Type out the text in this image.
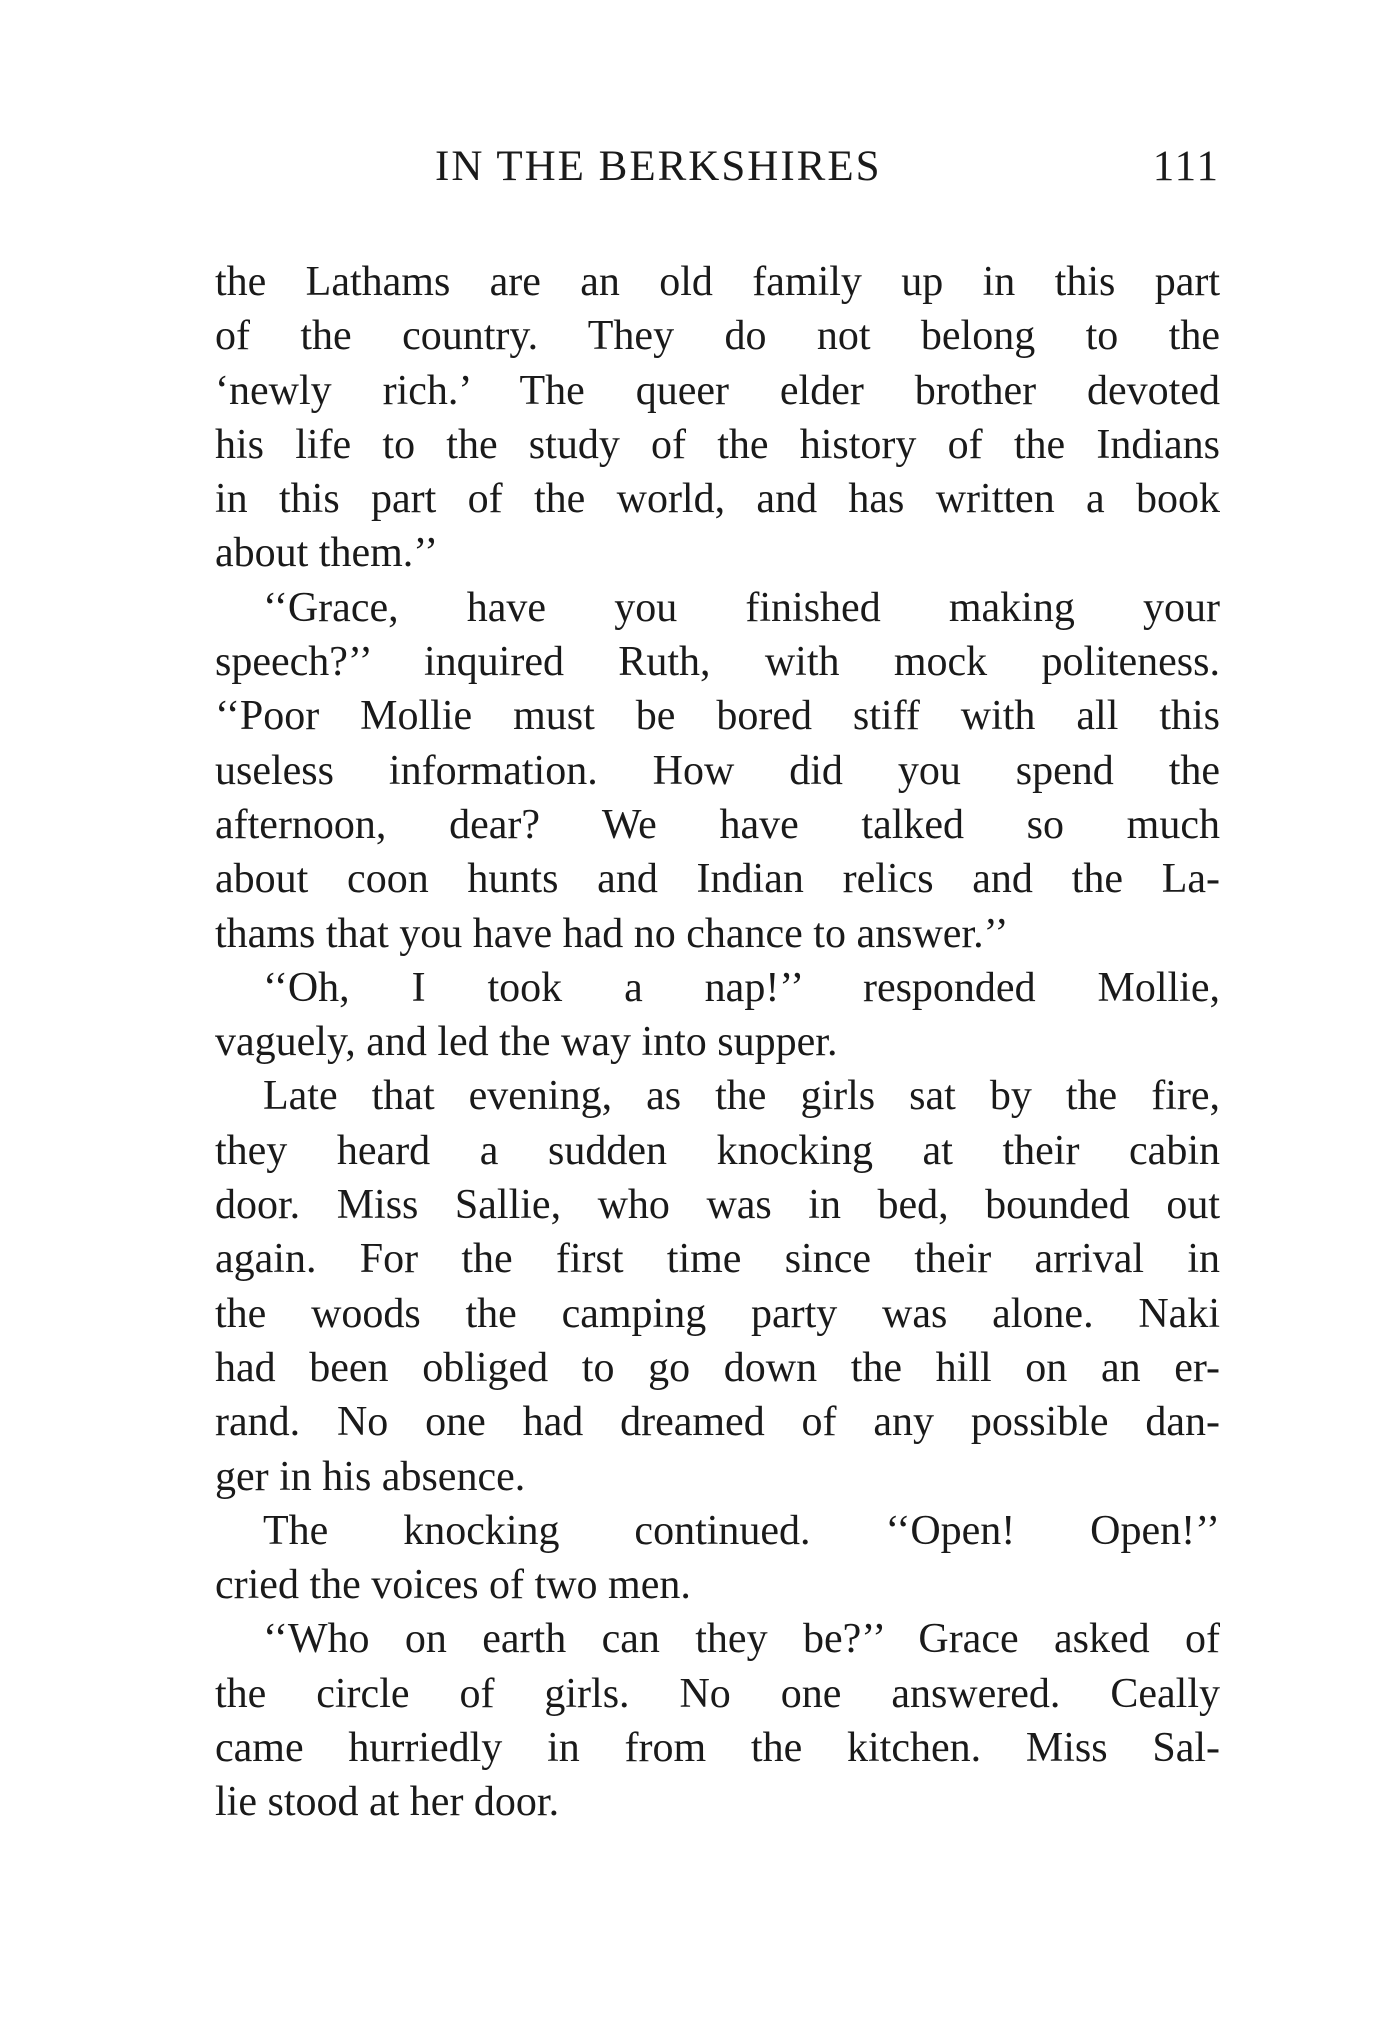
IN THE BERKSHIRES	111
the Lathams are an old family up in this part
of the country. They do not belong to the
‘newly rich.’ The queer elder brother devoted
his life to the study of the history of the Indians
in this part of the world, and has written a book
about them.’’
‘‘Grace, have you finished making your
speech?’’ inquired Ruth, with mock politeness.
‘‘Poor Mollie must be bored stiff with all this
useless information. How did you spend the
afternoon, dear? We have talked so much
about coon hunts and Indian relics and the La-
thams that you have had no chance to answer.’’
‘‘Oh, I took a nap!’’ responded Mollie,
vaguely, and led the way into supper.
Late that evening, as the girls sat by the fire,
they heard a sudden knocking at their cabin
door. Miss Sallie, who was in bed, bounded out
again. For the first time since their arrival in
the woods the camping party was alone. Naki
had been obliged to go down the hill on an er-
rand. No one had dreamed of any possible dan-
ger in his absence.
The knocking continued. ‘‘Open! Open!’’
cried the voices of two men.
‘‘Who on earth can they be?’’ Grace asked of
the circle of girls. No one answered. Ceally
came hurriedly in from the kitchen. Miss Sal-
lie stood at her door.
